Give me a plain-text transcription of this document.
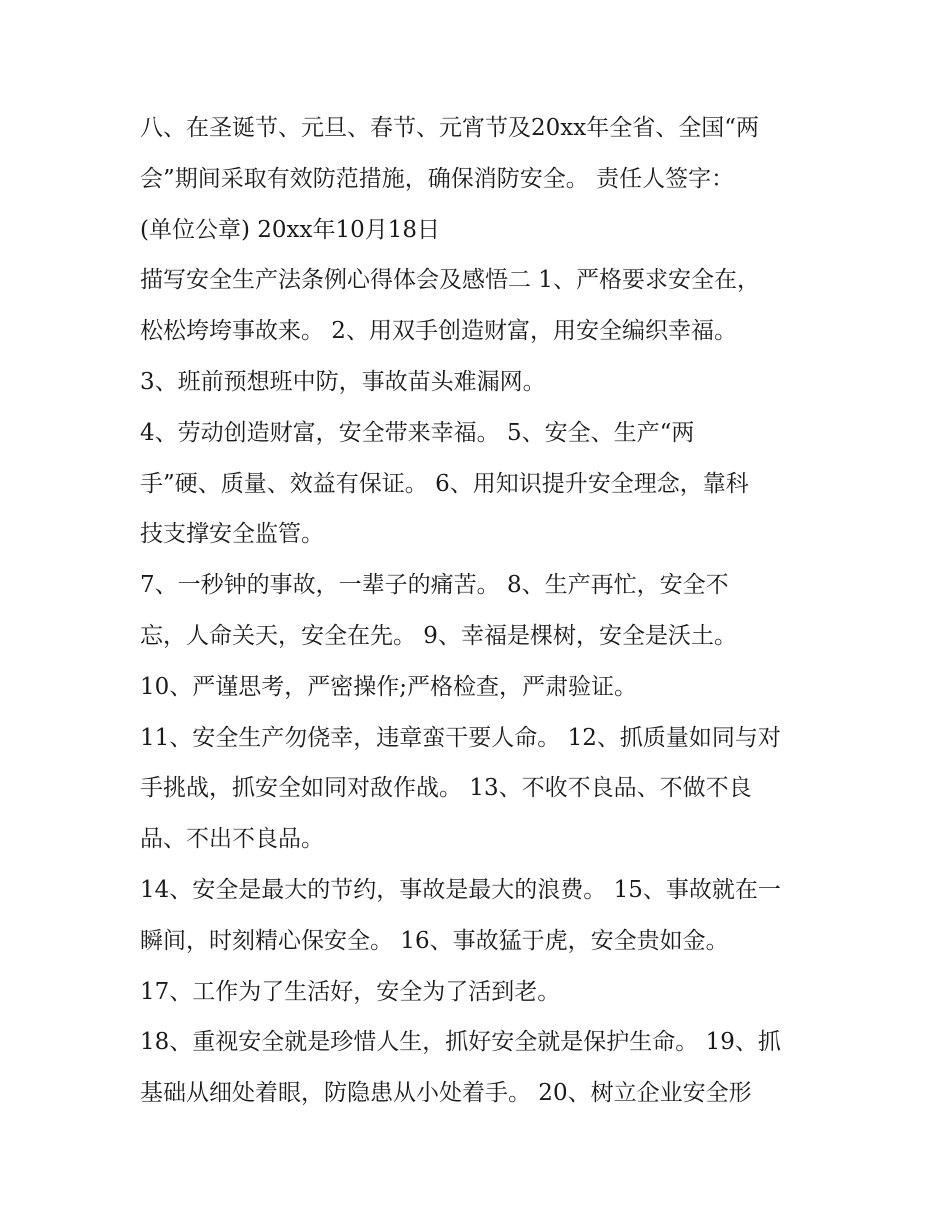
八、在圣诞节、元旦、春节、元宵节及20xx年全省、全国“两
会”期间采取有效防范措施，确保消防安全。 责任人签字：
(单位公章) 20xx年10月18日
描写安全生产法条例心得体会及感悟二 1、严格要求安全在，
松松垮垮事故来。 2、用双手创造财富，用安全编织幸福。
3、班前预想班中防，事故苗头难漏网。
4、劳动创造财富，安全带来幸福。 5、安全、生产“两
手”硬、质量、效益有保证。 6、用知识提升安全理念，靠科
技支撑安全监管。
7、一秒钟的事故，一辈子的痛苦。 8、生产再忙，安全不
忘，人命关天，安全在先。 9、幸福是棵树，安全是沃土。
10、严谨思考，严密操作;严格检查，严肃验证。
11、安全生产勿侥幸，违章蛮干要人命。 12、抓质量如同与对
手挑战，抓安全如同对敌作战。 13、不收不良品、不做不良
品、不出不良品。
14、安全是最大的节约，事故是最大的浪费。 15、事故就在一
瞬间，时刻精心保安全。 16、事故猛于虎，安全贵如金。
17、工作为了生活好，安全为了活到老。
18、重视安全就是珍惜人生，抓好安全就是保护生命。 19、抓
基础从细处着眼，防隐患从小处着手。 20、树立企业安全形
